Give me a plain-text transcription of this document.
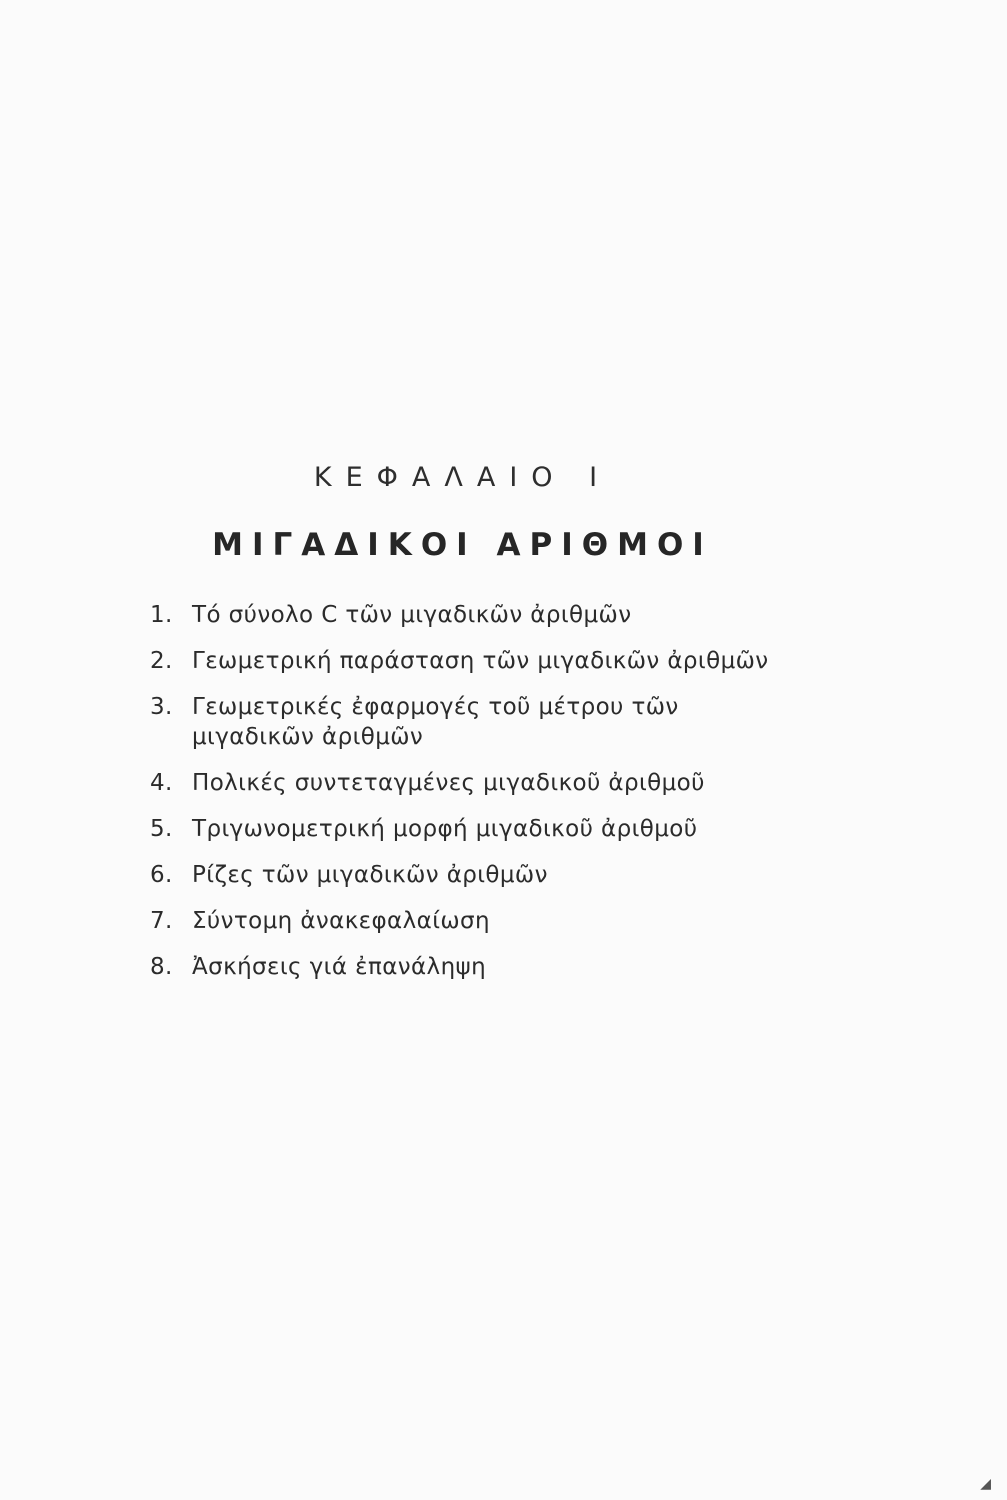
ΚΕΦΑΛΑΙΟ Ι
ΜΙΓΑΔΙΚΟΙ ΑΡΙΘΜΟΙ
1. Τό σύνολο C τῶν μιγαδικῶν ἀριθμῶν
2. Γεωμετρική παράσταση τῶν μιγαδικῶν ἀριθμῶν
3. Γεωμετρικές ἐφαρμογές τοῦ μέτρου τῶν
μιγαδικῶν ἀριθμῶν
4. Πολικές συντεταγμένες μιγαδικοῦ ἀριθμοῦ
5. Τριγωνομετρική μορφή μιγαδικοῦ ἀριθμοῦ
6. Ρίζες τῶν μιγαδικῶν ἀριθμῶν
7. Σύντομη ἀνακεφαλαίωση
8. Ἀσκήσεις γιά ἐπανάληψη
◢
